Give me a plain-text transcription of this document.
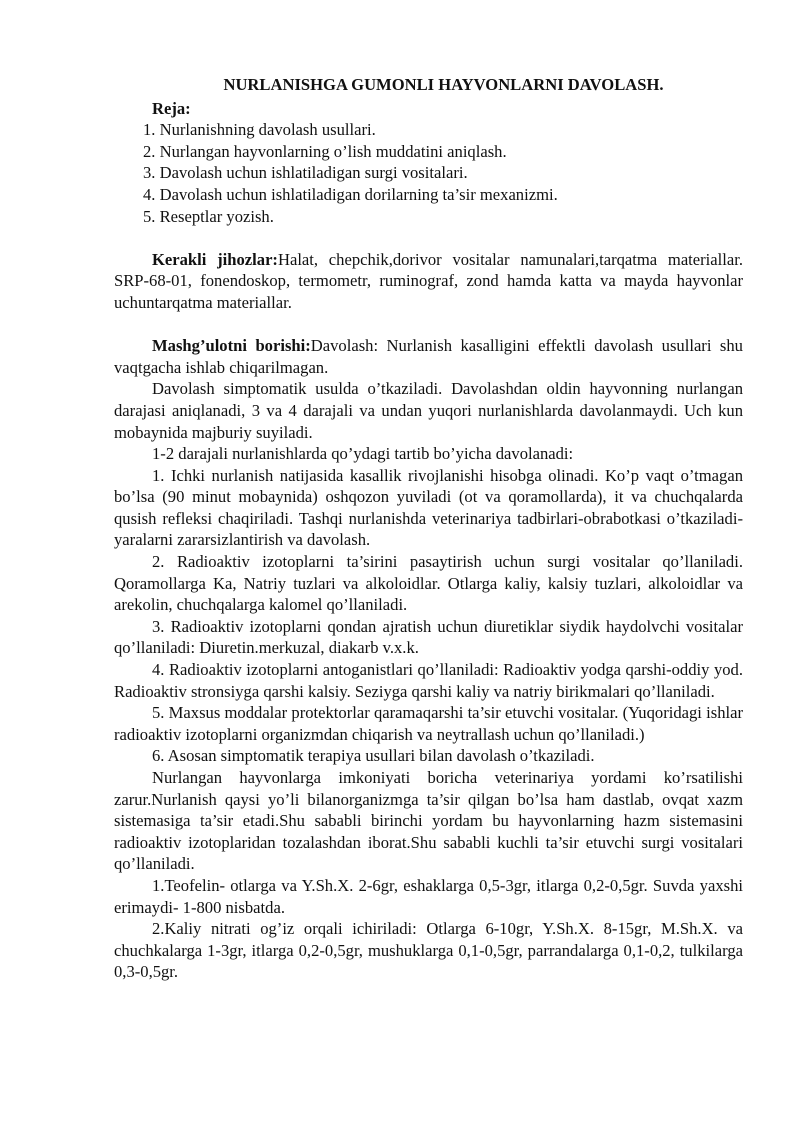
NURLANISHGA GUMONLI HAYVONLARNI DAVOLASH.
Reja:
1. Nurlanishning davolash usullari.
2. Nurlangan hayvonlarning o’lish muddatini aniqlash.
3. Davolash uchun ishlatiladigan surgi vositalari.
4. Davolash uchun ishlatiladigan dorilarning ta’sir mexanizmi.
5. Reseptlar yozish.

Kerakli jihozlar:Halat, chepchik,dorivor vositalar namunalari,tarqatma materiallar. SRP-68-01, fonendoskop, termometr, ruminograf, zond hamda katta va mayda hayvonlar uchuntarqatma materiallar.

Mashg’ulotni borishi:Davolash: Nurlanish kasalligini effektli davolash usullari shu vaqtgacha ishlab chiqarilmagan.

Davolash simptomatik usulda o’tkaziladi. Davolashdan oldin hayvonning nurlangan darajasi aniqlanadi, 3 va 4 darajali va undan yuqori nurlanishlarda davolanmaydi. Uch kun mobaynida majburiy suyiladi.

1-2 darajali nurlanishlarda qo’ydagi tartib bo’yicha davolanadi:

1. Ichki nurlanish natijasida kasallik rivojlanishi hisobga olinadi. Ko’p vaqt o’tmagan bo’lsa (90 minut mobaynida) oshqozon yuviladi (ot va qoramollarda), it va chuchqalarda qusish refleksi chaqiriladi. Tashqi nurlanishda veterinariya tadbirlari-obrabotkasi o’tkaziladi-yaralarni zararsizlantirish va davolash.

2. Radioaktiv izotoplarni ta’sirini pasaytirish uchun surgi vositalar qo’llaniladi. Qoramollarga Ka, Natriy tuzlari va alkoloidlar. Otlarga kaliy, kalsiy tuzlari, alkoloidlar va arekolin, chuchqalarga kalomel qo’llaniladi.

3. Radioaktiv izotoplarni qondan ajratish uchun diuretiklar siydik haydolvchi vositalar qo’llaniladi: Diuretin.merkuzal, diakarb v.x.k.

4. Radioaktiv izotoplarni antoganistlari qo’llaniladi: Radioaktiv yodga qarshi-oddiy yod. Radioaktiv stronsiyga qarshi kalsiy. Seziyga qarshi kaliy va natriy birikmalari qo’llaniladi.

5. Maxsus moddalar protektorlar qaramaqarshi ta’sir etuvchi vositalar. (Yuqoridagi ishlar radioaktiv izotoplarni organizmdan chiqarish va neytrallash uchun qo’llaniladi.)

6. Asosan simptomatik terapiya usullari bilan davolash o’tkaziladi.

Nurlangan hayvonlarga imkoniyati boricha veterinariya yordami ko’rsatilishi zarur.Nurlanish qaysi yo’li bilanorganizmga ta’sir qilgan bo’lsa ham dastlab, ovqat xazm sistemasiga ta’sir etadi.Shu sababli birinchi yordam bu hayvonlarning hazm sistemasini radioaktiv izotoplaridan tozalashdan iborat.Shu sababli kuchli ta’sir etuvchi surgi vositalari qo’llaniladi.

1.Teofelin- otlarga va Y.Sh.X. 2-6gr, eshaklarga 0,5-3gr, itlarga 0,2-0,5gr. Suvda yaxshi erimaydi- 1-800 nisbatda.

2.Kaliy nitrati og’iz orqali ichiriladi: Otlarga 6-10gr, Y.Sh.X. 8-15gr, M.Sh.X. va chuchkalarga 1-3gr, itlarga 0,2-0,5gr, mushuklarga 0,1-0,5gr, parrandalarga 0,1-0,2, tulkilarga 0,3-0,5gr.
